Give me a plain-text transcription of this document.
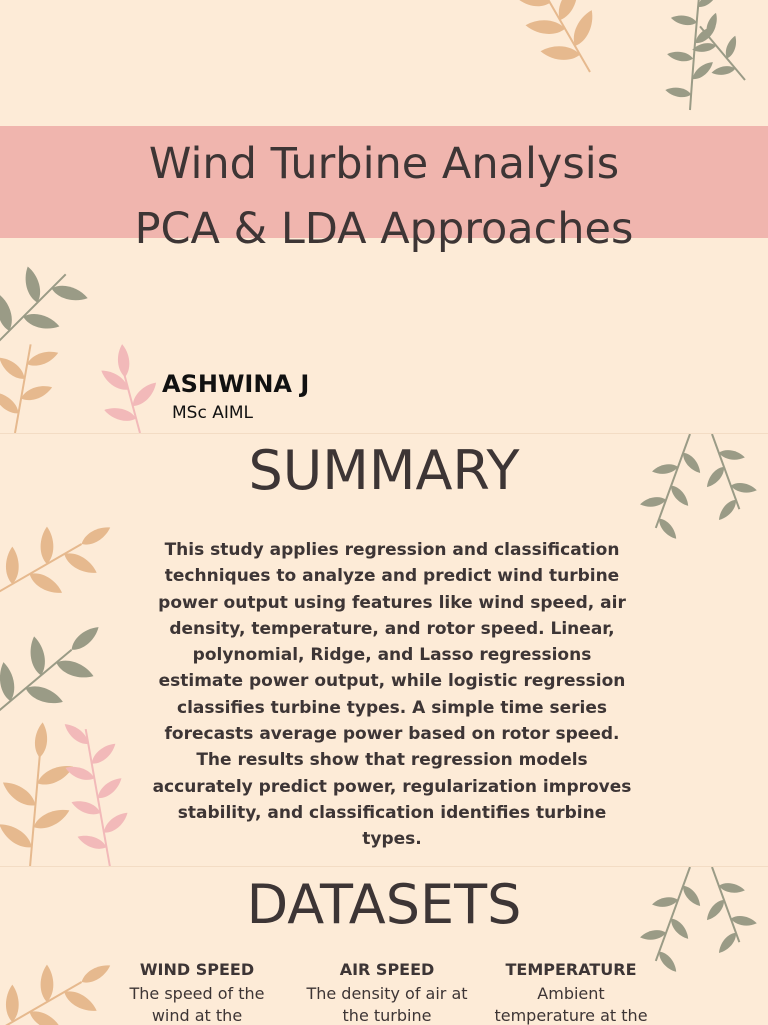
Wind Turbine Analysis
PCA & LDA Approaches
ASHWINA J
MSc AIML
SUMMARY
This study applies regression and classification techniques to analyze and predict wind turbine power output using features like wind speed, air density, temperature, and rotor speed. Linear, polynomial, Ridge, and Lasso regressions estimate power output, while logistic regression classifies turbine types. A simple time series forecasts average power based on rotor speed. The results show that regression models accurately predict power, regularization improves stability, and classification identifies turbine types.
DATASETS
WIND SPEED
The speed of the wind at the
AIR SPEED
The density of air at the turbine
TEMPERATURE
Ambient temperature at the
